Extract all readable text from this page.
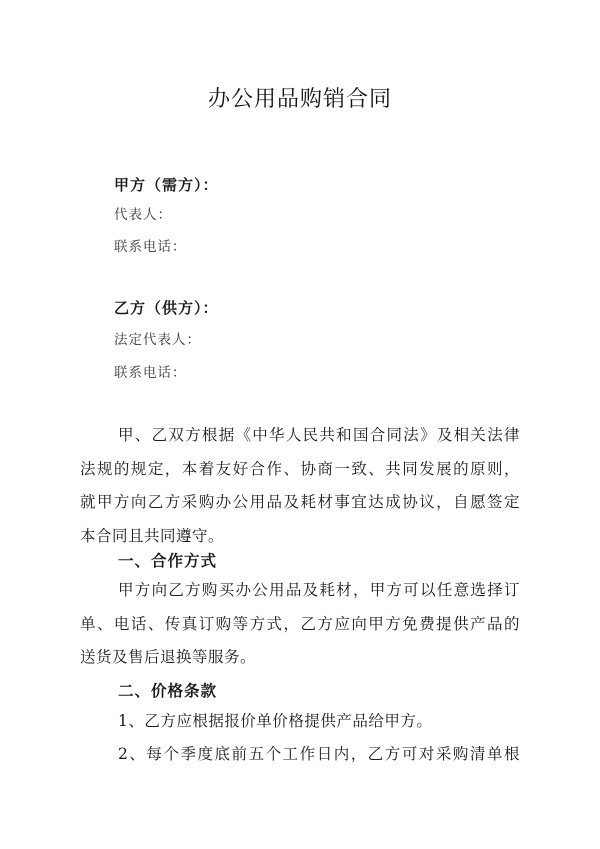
办公用品购销合同
甲方（需方）：
代表人：
联系电话：
乙方（供方）：
法定代表人：
联系电话：
甲、乙双方根据《中华人民共和国合同法》及相关法律
法规的规定，本着友好合作、协商一致、共同发展的原则，
就甲方向乙方采购办公用品及耗材事宜达成协议，自愿签定
本合同且共同遵守。
一、合作方式
甲方向乙方购买办公用品及耗材，甲方可以任意选择订
单、电话、传真订购等方式，乙方应向甲方免费提供产品的
送货及售后退换等服务。
二、价格条款
1、乙方应根据报价单价格提供产品给甲方。
2、每个季度底前五个工作日内，乙方可对采购清单根
